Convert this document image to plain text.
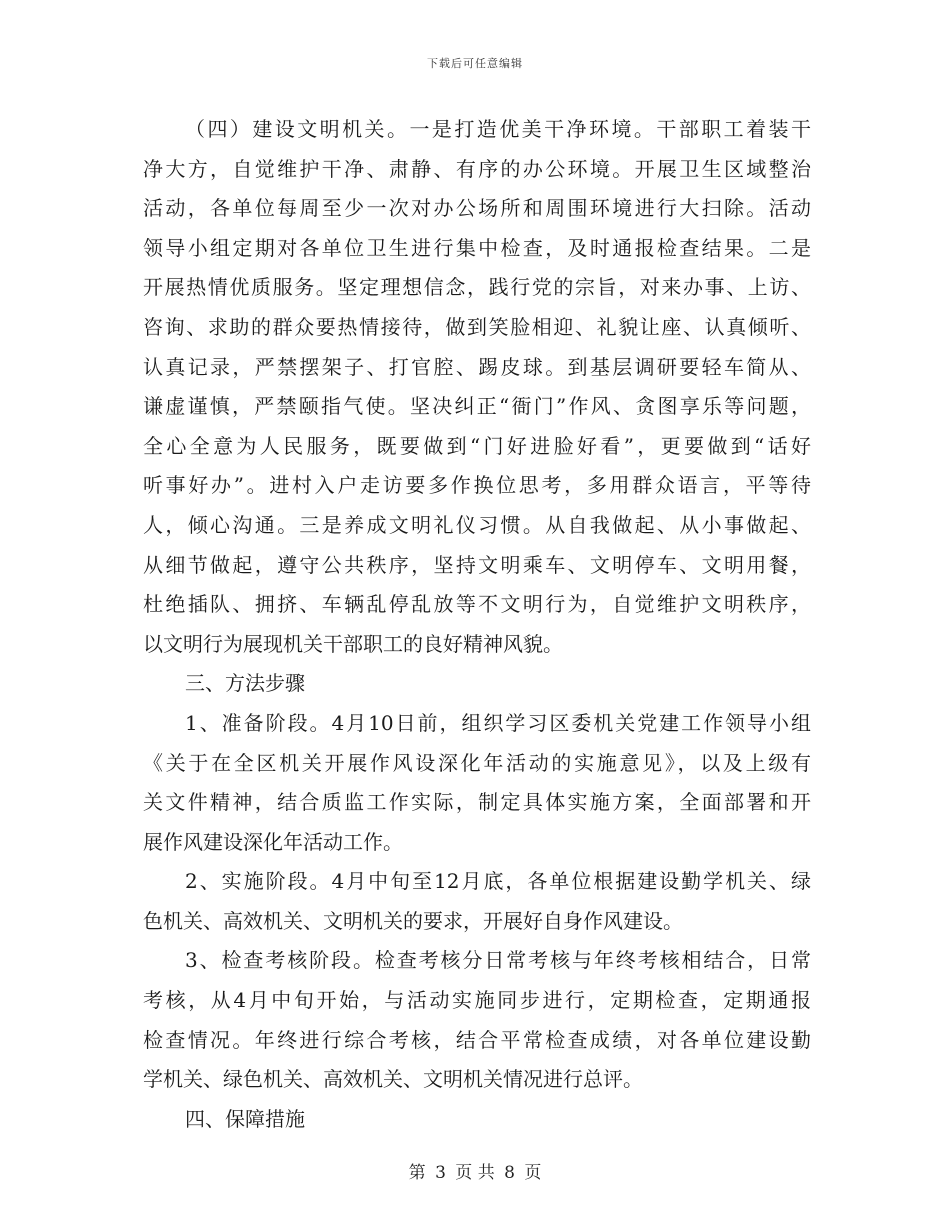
下载后可任意编辑
（四）建设文明机关。一是打造优美干净环境。干部职工着装干
净大方，自觉维护干净、肃静、有序的办公环境。开展卫生区域整治
活动，各单位每周至少一次对办公场所和周围环境进行大扫除。活动
领导小组定期对各单位卫生进行集中检查，及时通报检查结果。二是
开展热情优质服务。坚定理想信念，践行党的宗旨，对来办事、上访、
咨询、求助的群众要热情接待，做到笑脸相迎、礼貌让座、认真倾听、
认真记录，严禁摆架子、打官腔、踢皮球。到基层调研要轻车简从、
谦虚谨慎，严禁颐指气使。坚决纠正“衙门”作风、贪图享乐等问题，
全心全意为人民服务，既要做到“门好进脸好看”，更要做到“话好
听事好办”。进村入户走访要多作换位思考，多用群众语言，平等待
人，倾心沟通。三是养成文明礼仪习惯。从自我做起、从小事做起、
从细节做起，遵守公共秩序，坚持文明乘车、文明停车、文明用餐，
杜绝插队、拥挤、车辆乱停乱放等不文明行为，自觉维护文明秩序，
以文明行为展现机关干部职工的良好精神风貌。
三、方法步骤
1、准备阶段。4月10日前，组织学习区委机关党建工作领导小组
《关于在全区机关开展作风设深化年活动的实施意见》，以及上级有
关文件精神，结合质监工作实际，制定具体实施方案，全面部署和开
展作风建设深化年活动工作。
2、实施阶段。4月中旬至12月底，各单位根据建设勤学机关、绿
色机关、高效机关、文明机关的要求，开展好自身作风建设。
3、检查考核阶段。检查考核分日常考核与年终考核相结合，日常
考核，从4月中旬开始，与活动实施同步进行，定期检查，定期通报
检查情况。年终进行综合考核，结合平常检查成绩，对各单位建设勤
学机关、绿色机关、高效机关、文明机关情况进行总评。
四、保障措施
第 3 页 共 8 页
